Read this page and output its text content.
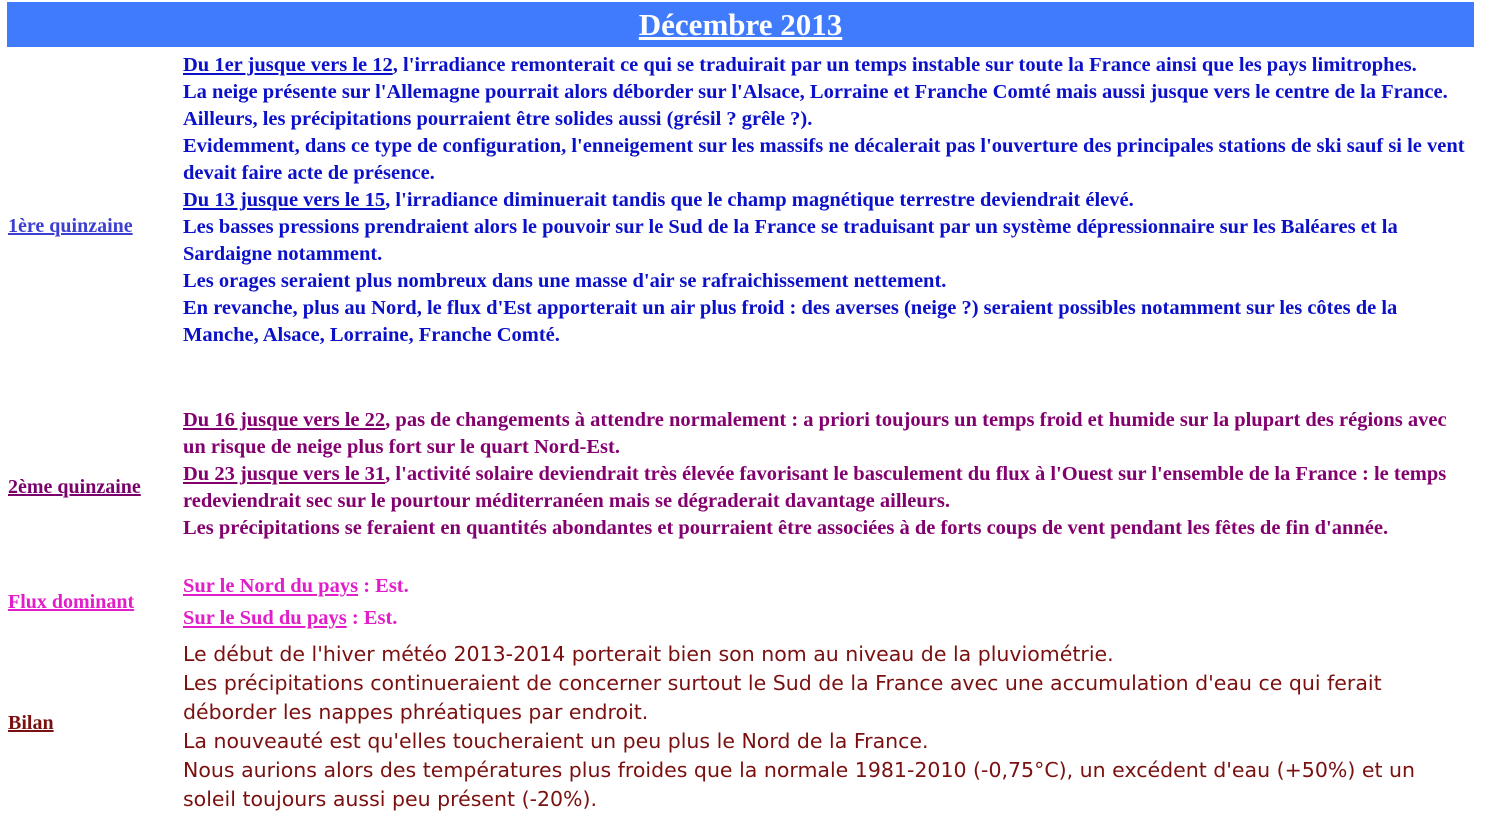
Décembre 2013
1ère quinzaine

Du 1er jusque vers le 12, l'irradiance remonterait ce qui se traduirait par un temps instable sur toute la France ainsi que les pays limitrophes.

La neige présente sur l'Allemagne pourrait alors déborder sur l'Alsace, Lorraine et Franche Comté mais aussi jusque vers le centre de la France.

Ailleurs, les précipitations pourraient être solides aussi (grésil ? grêle ?).

Evidemment, dans ce type de configuration, l'enneigement sur les massifs ne décalerait pas l'ouverture des principales stations de ski sauf si le vent devait faire acte de présence.

Du 13 jusque vers le 15, l'irradiance diminuerait tandis que le champ magnétique terrestre deviendrait élevé.

Les basses pressions prendraient alors le pouvoir sur le Sud de la France se traduisant par un système dépressionnaire sur les Baléares et la Sardaigne notamment.

Les orages seraient plus nombreux dans une masse d'air se rafraichissement nettement.

En revanche, plus au Nord, le flux d'Est apporterait un air plus froid : des averses (neige ?) seraient possibles notamment sur les côtes de la Manche, Alsace, Lorraine, Franche Comté.

2ème quinzaine

Du 16 jusque vers le 22, pas de changements à attendre normalement : a priori toujours un temps froid et humide sur la plupart des régions avec un risque de neige plus fort sur le quart Nord-Est.

Du 23 jusque vers le 31, l'activité solaire deviendrait très élevée favorisant le basculement du flux à l'Ouest sur l'ensemble de la France : le temps redeviendrait sec sur le pourtour méditerranéen mais se dégraderait davantage ailleurs.

Les précipitations se feraient en quantités abondantes et pourraient être associées à de forts coups de vent pendant les fêtes de fin d'année.

Flux dominant
Sur le Nord du pays : Est.
Sur le Sud du pays : Est.
Bilan

Le début de l'hiver météo 2013-2014 porterait bien son nom au niveau de la pluviométrie.

Les précipitations continueraient de concerner surtout le Sud de la France avec une accumulation d'eau ce qui ferait déborder les nappes phréatiques par endroit.

La nouveauté est qu'elles toucheraient un peu plus le Nord de la France.

Nous aurions alors des températures plus froides que la normale 1981-2010 (-0,75°C), un excédent d'eau (+50%) et un soleil toujours aussi peu présent (-20%).
